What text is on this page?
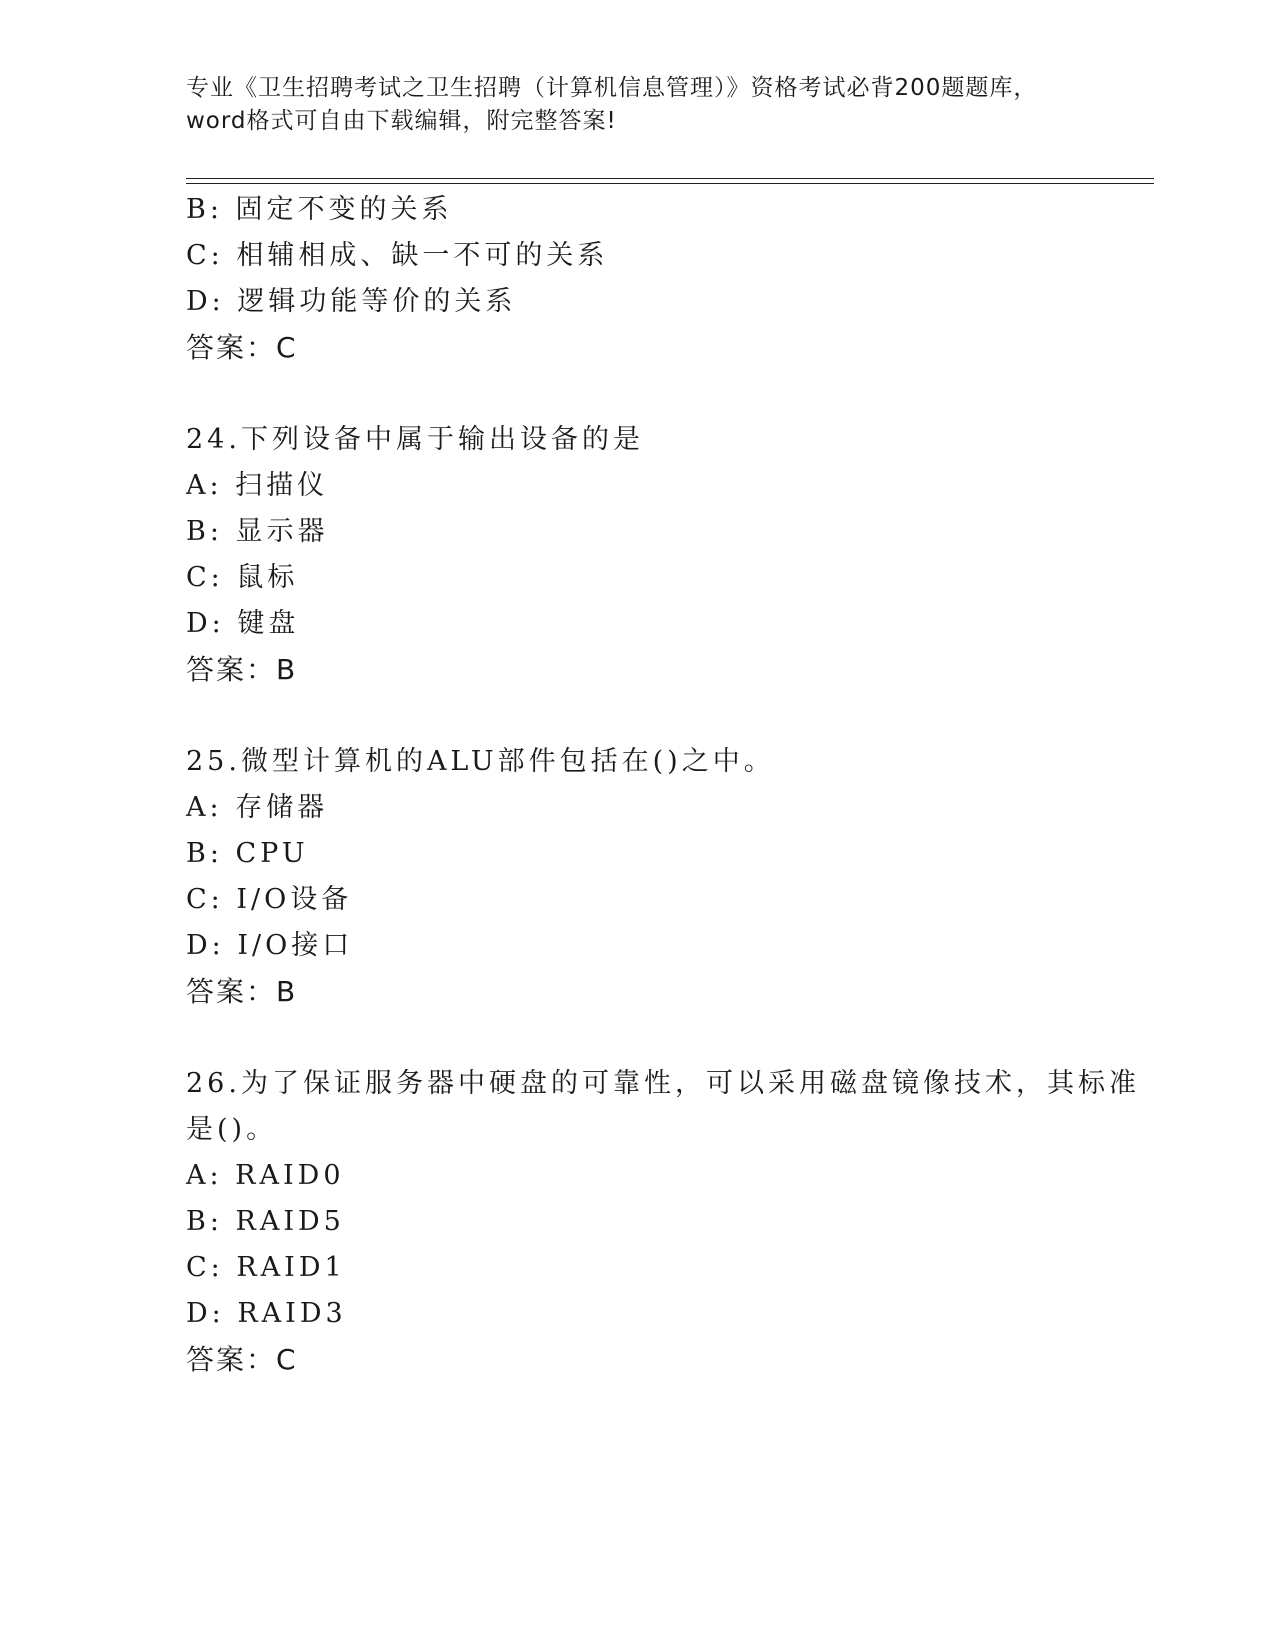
专业《卫生招聘考试之卫生招聘（计算机信息管理）》资格考试必背200题题库，
word格式可自由下载编辑，附完整答案!
B: 固定不变的关系
C: 相辅相成、缺一不可的关系
D: 逻辑功能等价的关系
答案：C
24.下列设备中属于输出设备的是
A: 扫描仪
B: 显示器
C: 鼠标
D: 键盘
答案：B
25.微型计算机的ALU部件包括在()之中。
A: 存储器
B: CPU
C: I/O设备
D: I/O接口
答案：B
26.为了保证服务器中硬盘的可靠性，可以采用磁盘镜像技术，其标准
是()。
A: RAID0
B: RAID5
C: RAID1
D: RAID3
答案：C
